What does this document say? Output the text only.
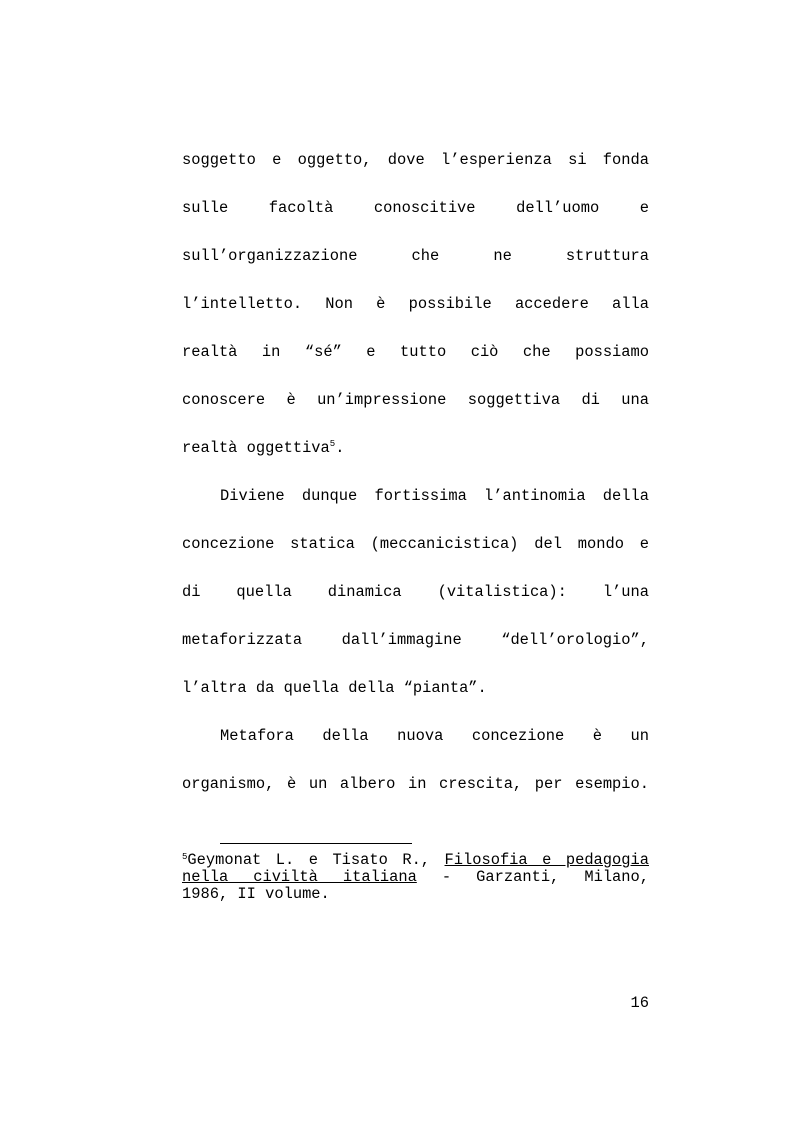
soggetto e oggetto, dove l’esperienza si fonda
sulle facoltà conoscitive dell’uomo e
sull’organizzazione che ne struttura
l’intelletto. Non è possibile accedere alla
realtà in “sé” e tutto ciò che possiamo
conoscere è un’impressione soggettiva di una
realtà oggettiva$^5$.
Diviene dunque fortissima l’antinomia della
concezione statica (meccanicistica) del mondo e
di quella dinamica (vitalistica): l’una
metaforizzata dall’immagine “dell’orologio”,
l’altra da quella della “pianta”.
Metafora della nuova concezione è un
organismo, è un albero in crescita, per esempio.
$^5$Geymonat L. e Tisato R., Filosofia e pedagogia
nella civiltà italiana - Garzanti, Milano,
1986, II volume.
16
